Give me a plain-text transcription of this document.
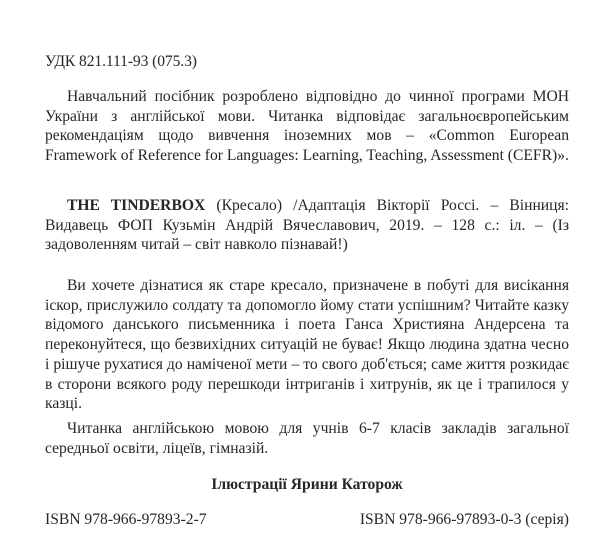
УДК 821.111-93 (075.3)

Навчальний посібник розроблено відповідно до чинної програми МОН України з англійської мови. Читанка відповідає загальноєвропейським рекомендаціям щодо вивчення іноземних мов – «Common European Framework of Reference for Languages: Learning, Teaching, Assessment (CEFR)».

THE TINDERBOX (Кресало) /Адаптація Вікторії Россі. – Вінниця: Видавець ФОП Кузьмін Андрій Вячеславович, 2019. – 128 с.: іл. – (Із задоволенням читай – світ навколо пізнавай!)

Ви хочете дізнатися як старе кресало, призначене в побуті для висікання іскор, прислужило солдату та допомогло йому стати успішним? Читайте казку відомого данського письменника і поета Ганса Християна Андерсена та переконуйтеся, що безвихідних ситуацій не буває! Якщо людина здатна чесно і рішуче рухатися до наміченої мети – то свого доб'ється; саме життя розкидає в сторони всякого роду перешкоди інтриганів і хитрунів, як це і трапилося у казці.

Читанка англійською мовою для учнів 6-7 класів закладів загальної середньої освіти, ліцеїв, гімназій.

Ілюстрації Ярини Каторож
ISBN 978-966-97893-2-7	ISBN 978-966-97893-0-3 (серія)
